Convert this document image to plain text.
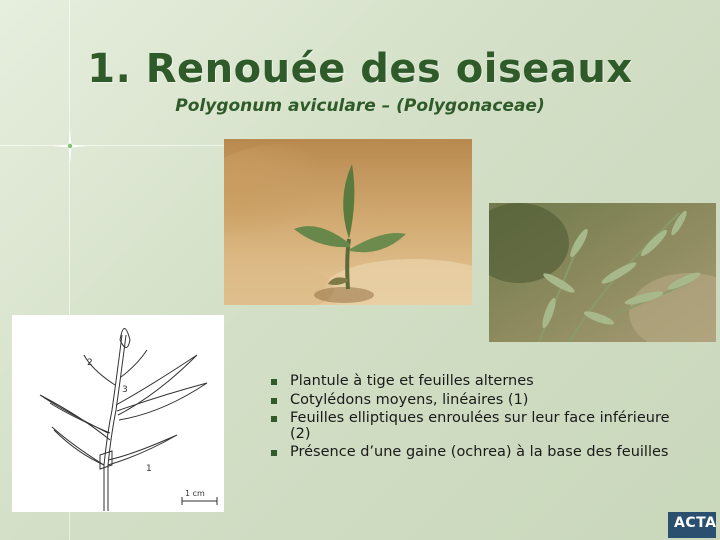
1. Renouée des oiseaux
Polygonum aviculare – (Polygonaceae)
2
3
1
1 cm
Plantule à tige et feuilles alternes
Cotylédons moyens, linéaires (1)
Feuilles elliptiques enroulées sur leur face inférieure (2)
Présence d’une gaine (ochrea) à la base des feuilles
ACTA
